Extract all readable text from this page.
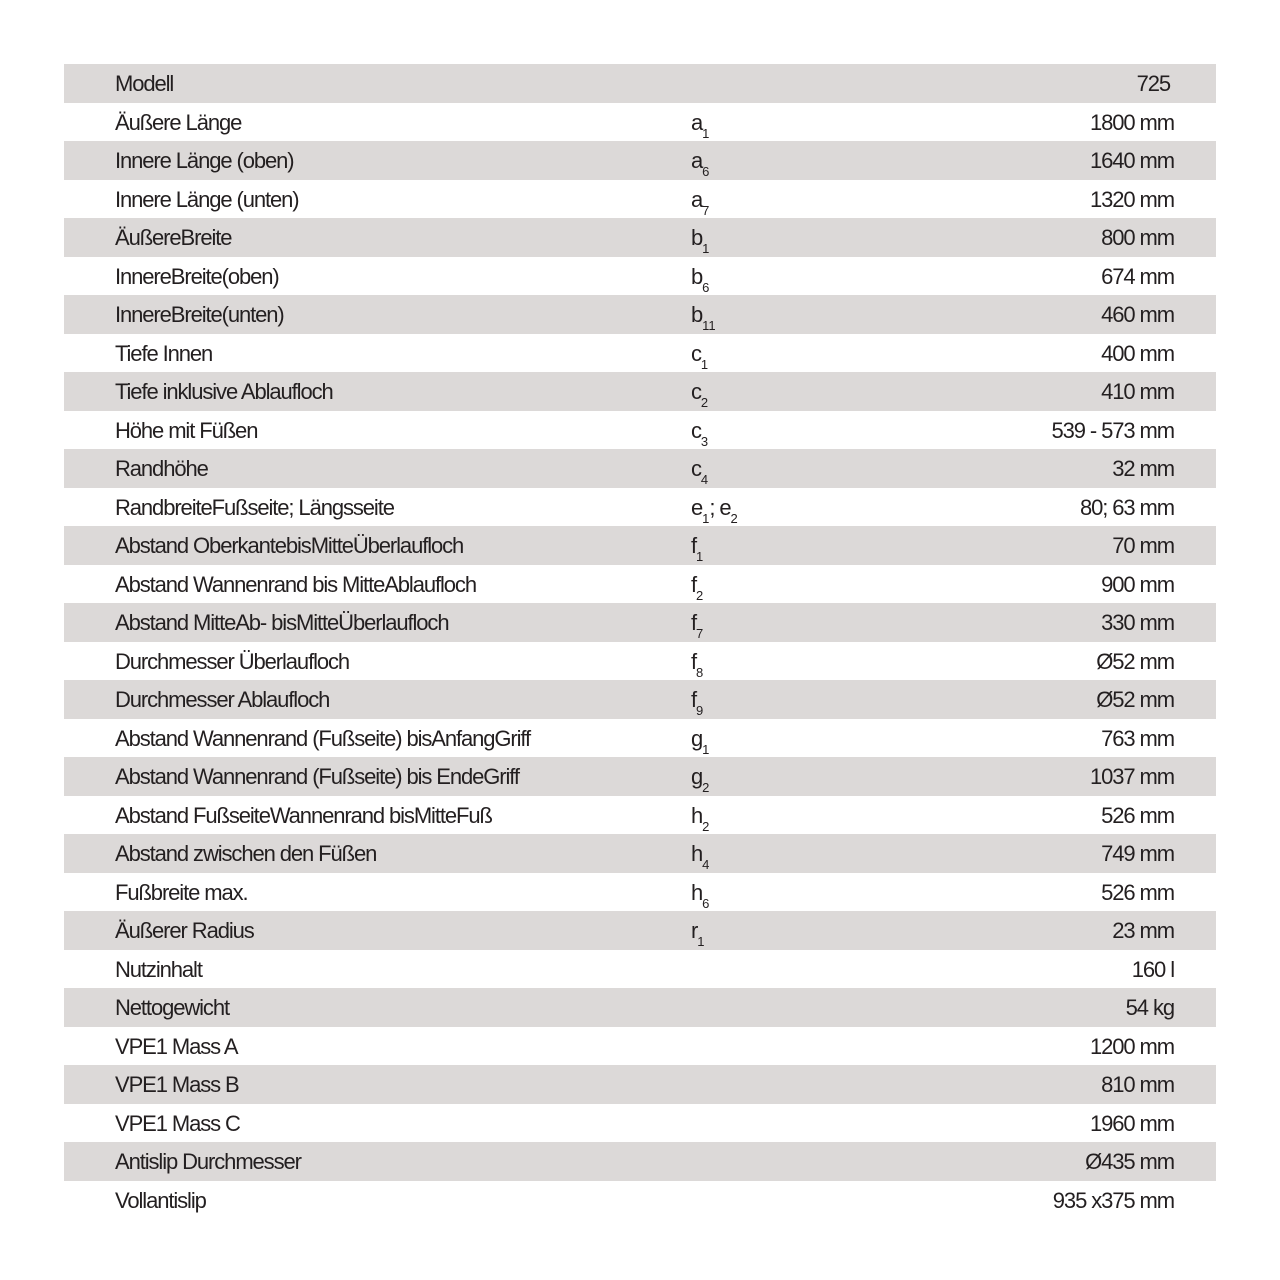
Modell	725
Äußere Länge	$a_1$	1800 mm
Innere Länge (oben)	$a_6$	1640 mm
Innere Länge (unten)	$a_7$	1320 mm
ÄußereBreite	$b_1$	800 mm
InnereBreite(oben)	$b_6$	674 mm
InnereBreite(unten)	$b_{11}$	460 mm
Tiefe Innen	$c_1$	400 mm
Tiefe inklusive Ablaufloch	$c_2$	410 mm
Höhe mit Füßen	$c_3$	539 - 573 mm
Randhöhe	$c_4$	32 mm
RandbreiteFußseite; Längsseite	$e_1$; $e_2$	80; 63 mm
Abstand OberkantebisMitteÜberlaufloch	$f_1$	70 mm
Abstand Wannenrand bis MitteAblaufloch	$f_2$	900 mm
Abstand MitteAb- bisMitteÜberlaufloch	$f_7$	330 mm
Durchmesser Überlaufloch	$f_8$	Ø52 mm
Durchmesser Ablaufloch	$f_9$	Ø52 mm
Abstand Wannenrand (Fußseite) bisAnfangGriff	$g_1$	763 mm
Abstand Wannenrand (Fußseite) bis EndeGriff	$g_2$	1037 mm
Abstand FußseiteWannenrand bisMitteFuß	$h_2$	526 mm
Abstand zwischen den Füßen	$h_4$	749 mm
Fußbreite max.	$h_6$	526 mm
Äußerer Radius	$r_1$	23 mm
Nutzinhalt	160 l
Nettogewicht	54 kg
VPE1 Mass A	1200 mm
VPE1 Mass B	810 mm
VPE1 Mass C	1960 mm
Antislip Durchmesser	Ø435 mm
Vollantislip	935 x375 mm
